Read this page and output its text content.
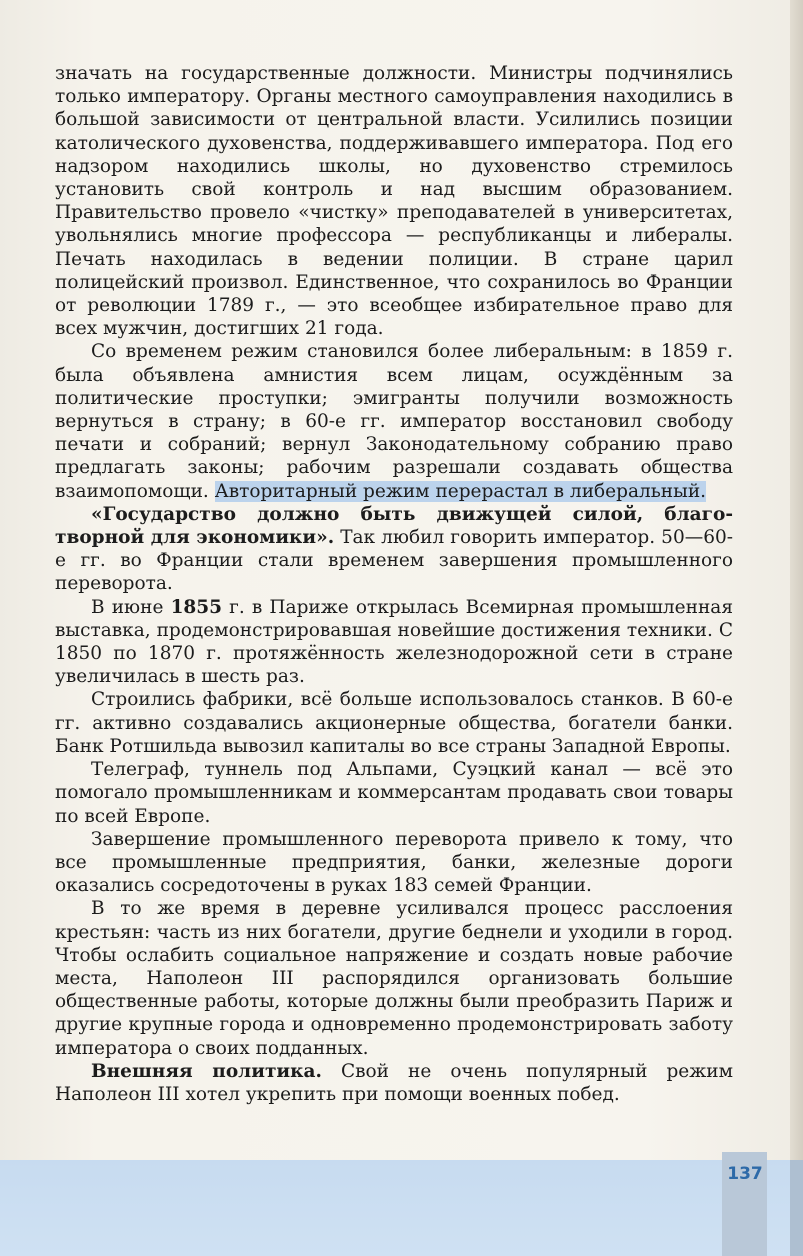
значать на государственные должности. Министры подчинялись только императору. Органы местного самоуправления находились в большой зависимости от центральной власти. Усилились позиции католического духовенства, поддерживавшего императора. Под его надзором находились школы, но духовенство стремилось установить свой контроль и над высшим образованием. Правительство провело «чистку» преподавателей в университетах, увольнялись многие профессора — республиканцы и либералы. Печать находилась в ведении полиции. В стране царил полицейский произвол. Единственное, что сохранилось во Франции от революции 1789 г., — это всеобщее избирательное право для всех мужчин, достигших 21 года.

Со временем режим становился более либеральным: в 1859 г. была объявлена амнистия всем лицам, осуждённым за политические проступки; эмигранты получили возможность вернуться в страну; в 60-е гг. император восстановил свободу печати и собраний; вернул Законодательному собранию право предлагать законы; рабочим разрешали создавать общества взаимопомощи. Авторитарный режим перерастал в либеральный.

«Государство должно быть движущей силой, благотворной для экономики». Так любил говорить император. 50—60-е гг. во Франции стали временем завершения промышленного переворота.

В июне 1855 г. в Париже открылась Всемирная промышленная выставка, продемонстрировавшая новейшие достижения техники. С 1850 по 1870 г. протяжённость железнодорожной сети в стране увеличилась в шесть раз.

Строились фабрики, всё больше использовалось станков. В 60-е гг. активно создавались акционерные общества, богатели банки. Банк Ротшильда вывозил капиталы во все страны Западной Европы.

Телеграф, туннель под Альпами, Суэцкий канал — всё это помогало промышленникам и коммерсантам продавать свои товары по всей Европе.

Завершение промышленного переворота привело к тому, что все промышленные предприятия, банки, железные дороги оказались сосредоточены в руках 183 семей Франции.

В то же время в деревне усиливался процесс расслоения крестьян: часть из них богатели, другие беднели и уходили в город. Чтобы ослабить социальное напряжение и создать новые рабочие места, Наполеон III распорядился организовать большие общественные работы, которые должны были преобразить Париж и другие крупные города и одновременно продемонстрировать заботу императора о своих подданных.

Внешняя политика. Свой не очень популярный режим Наполеон III хотел укрепить при помощи военных побед.

137
